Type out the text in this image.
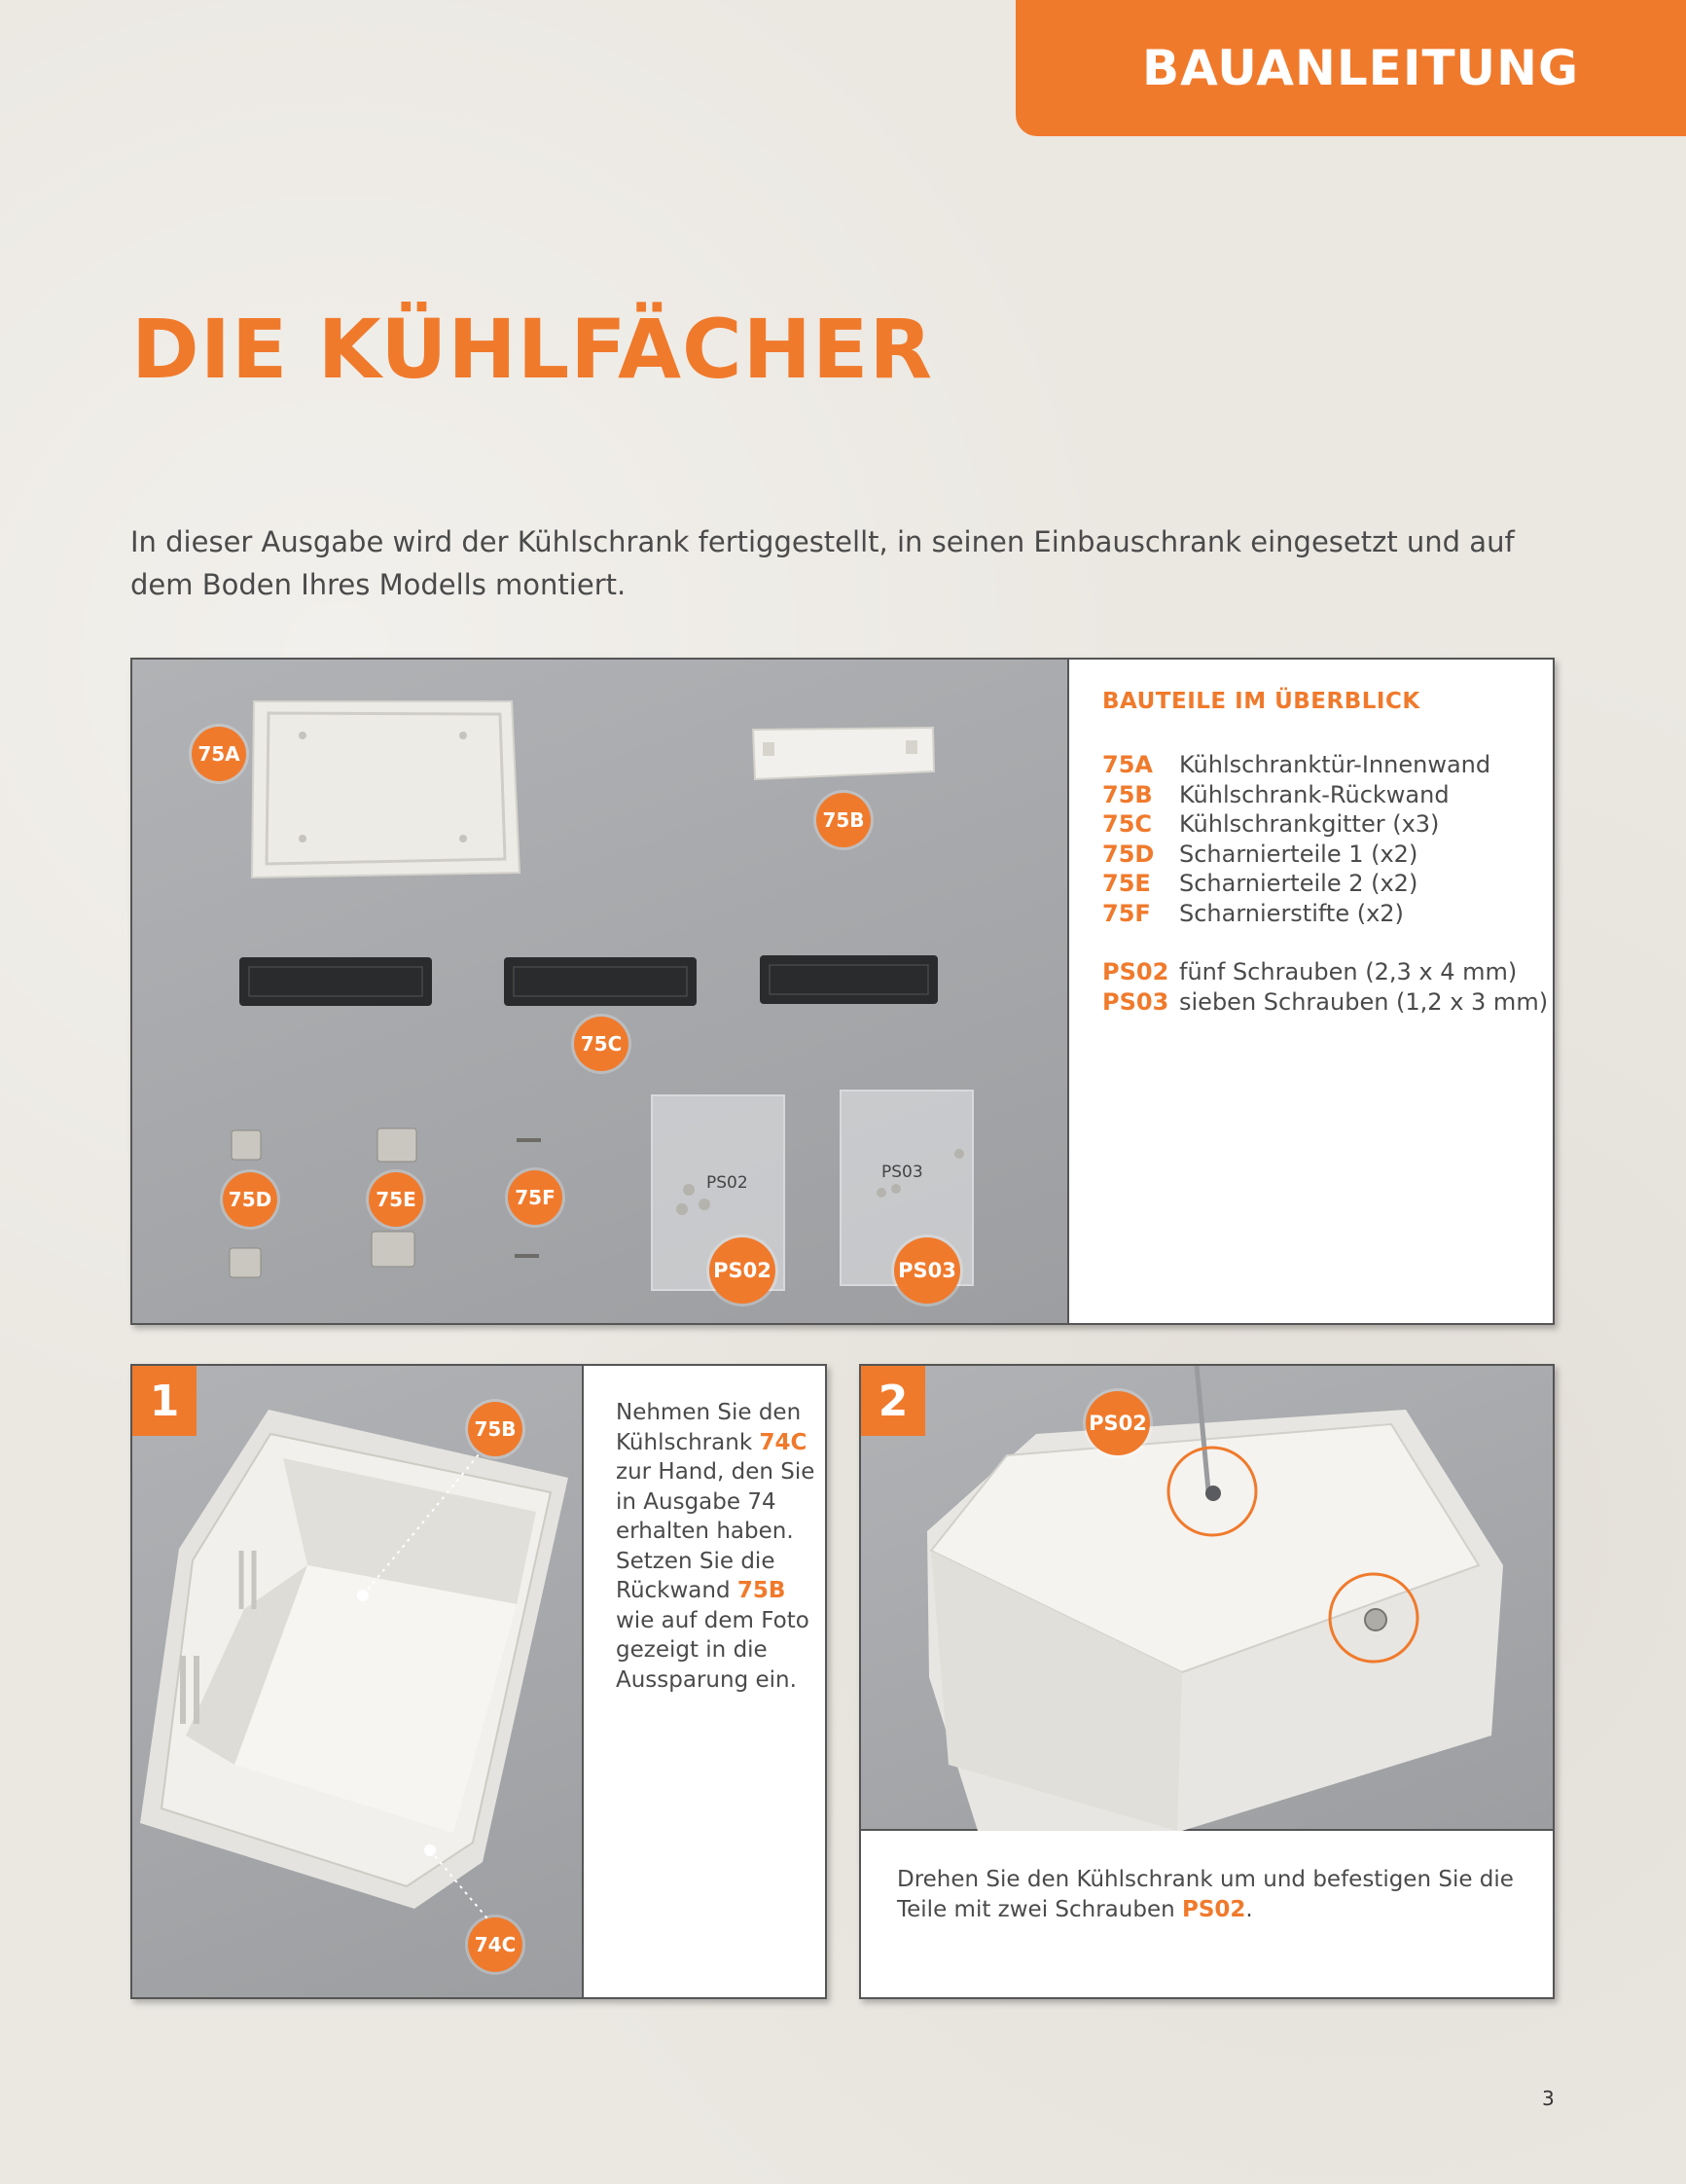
BAUANLEITUNG
DIE KÜHLFÄCHER
In dieser Ausgabe wird der Kühlschrank fertiggestellt, in seinen Einbauschrank eingesetzt und auf dem Boden Ihres Modells montiert.
PS02
PS03
75A
75B
75C
75D	75E	75F
PS02	PS03
BAUTEILE IM ÜBERBLICK
75A	Kühlschranktür-Innenwand
75B	Kühlschrank-Rückwand
75C	Kühlschrankgitter (x3)
75D	Scharnierteile 1 (x2)
75E	Scharnierteile 2 (x2)
75F	Scharnierstifte (x2)
PS02 fünf Schrauben (2,3 x 4 mm)
PS03 sieben Schrauben (1,2 x 3 mm)
1
75B
74C
Nehmen Sie den Kühlschrank 74C zur Hand, den Sie in Ausgabe 74 erhalten haben. Setzen Sie die Rückwand 75B wie auf dem Foto gezeigt in die Aussparung ein.
2	PS02
Drehen Sie den Kühlschrank um und befestigen Sie die Teile mit zwei Schrauben PS02.
3
